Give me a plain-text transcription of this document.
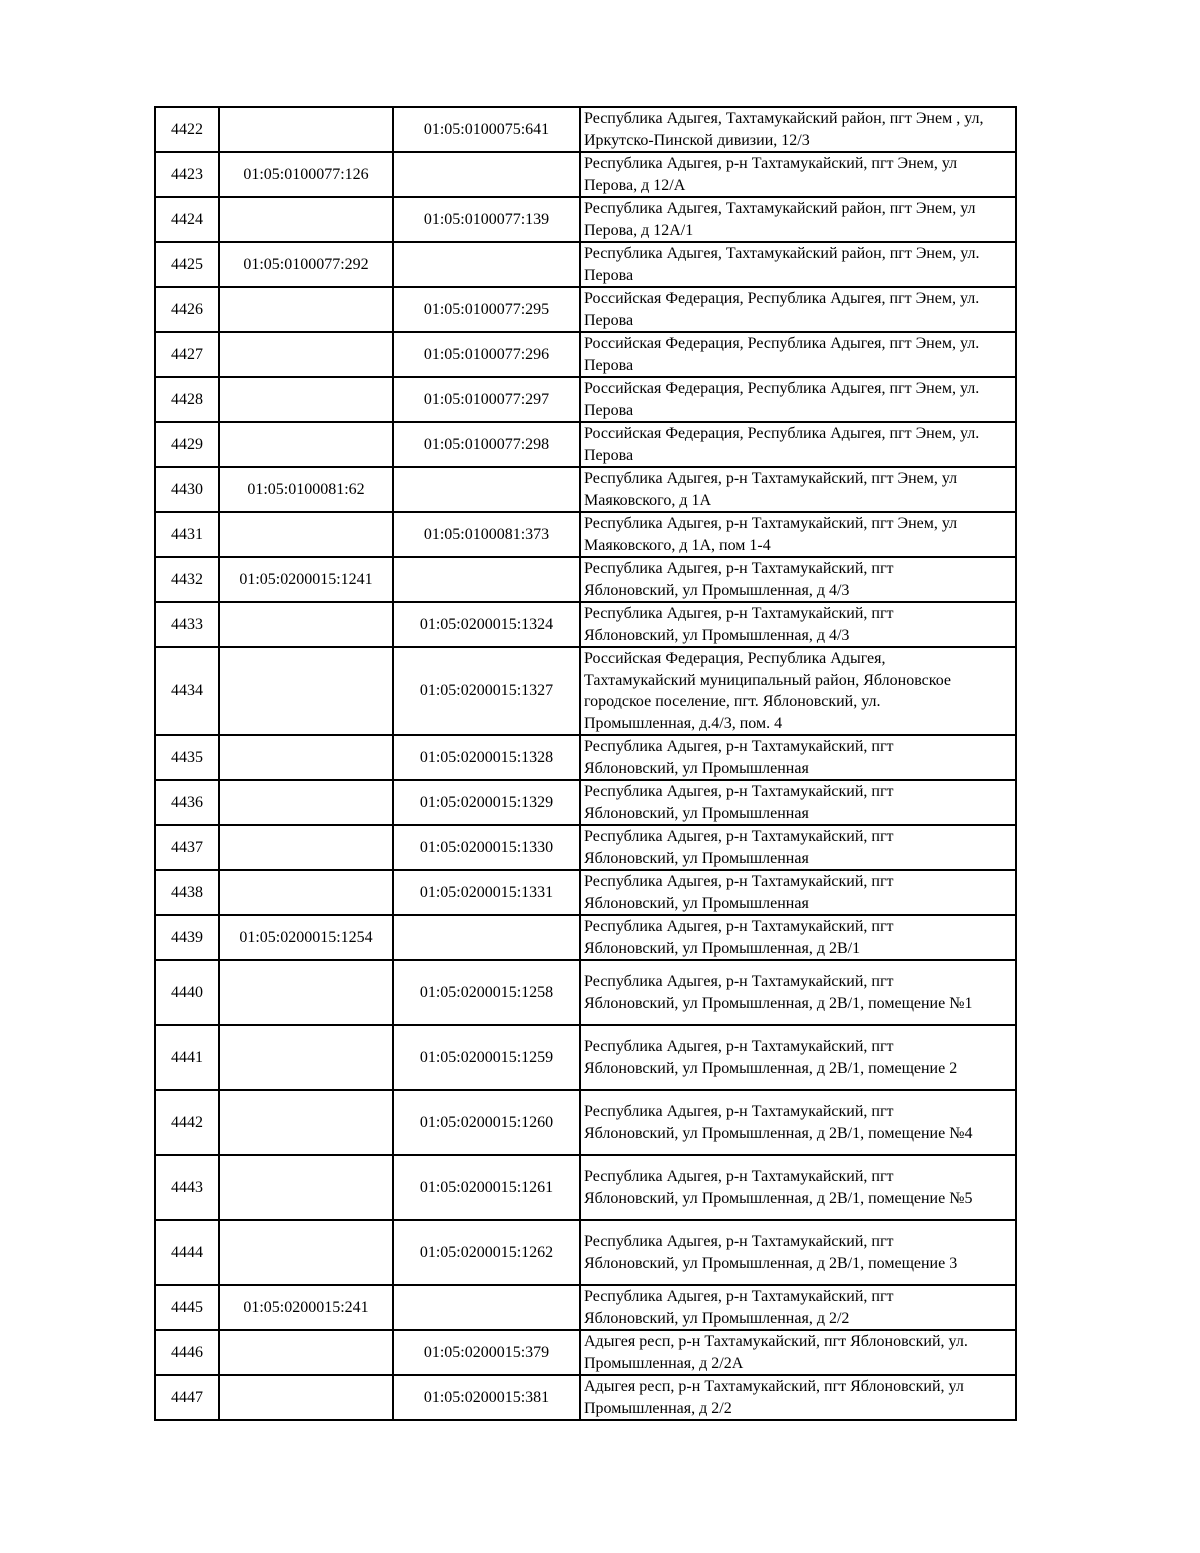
4422		01:05:0100075:641	Республика Адыгея, Тахтамукайский район, пгт Энем , ул,
Иркутско-Пинской дивизии, 12/3
4423	01:05:0100077:126		Республика Адыгея, р-н Тахтамукайский, пгт Энем, ул
Перова, д 12/А
4424		01:05:0100077:139	Республика Адыгея, Тахтамукайский район, пгт Энем, ул
Перова, д 12А/1
4425	01:05:0100077:292		Республика Адыгея, Тахтамукайский район, пгт Энем, ул.
Перова
4426		01:05:0100077:295	Российская Федерация, Республика Адыгея, пгт Энем, ул.
Перова
4427		01:05:0100077:296	Российская Федерация, Республика Адыгея, пгт Энем, ул.
Перова
4428		01:05:0100077:297	Российская Федерация, Республика Адыгея, пгт Энем, ул.
Перова
4429		01:05:0100077:298	Российская Федерация, Республика Адыгея, пгт Энем, ул.
Перова
4430	01:05:0100081:62		Республика Адыгея, р-н Тахтамукайский, пгт Энем, ул
Маяковского, д 1А
4431		01:05:0100081:373	Республика Адыгея, р-н Тахтамукайский, пгт Энем, ул
Маяковского, д 1А, пом 1-4
4432	01:05:0200015:1241		Республика Адыгея, р-н Тахтамукайский, пгт
Яблоновский, ул Промышленная, д 4/3
4433		01:05:0200015:1324	Республика Адыгея, р-н Тахтамукайский, пгт
Яблоновский, ул Промышленная, д 4/3
4434		01:05:0200015:1327	Российская Федерация, Республика Адыгея,
Тахтамукайский муниципальный район, Яблоновское
городское поселение, пгт. Яблоновский, ул.
Промышленная, д.4/3, пом. 4
4435		01:05:0200015:1328	Республика Адыгея, р-н Тахтамукайский, пгт
Яблоновский, ул Промышленная
4436		01:05:0200015:1329	Республика Адыгея, р-н Тахтамукайский, пгт
Яблоновский, ул Промышленная
4437		01:05:0200015:1330	Республика Адыгея, р-н Тахтамукайский, пгт
Яблоновский, ул Промышленная
4438		01:05:0200015:1331	Республика Адыгея, р-н Тахтамукайский, пгт
Яблоновский, ул Промышленная
4439	01:05:0200015:1254		Республика Адыгея, р-н Тахтамукайский, пгт
Яблоновский, ул Промышленная, д 2В/1
4440		01:05:0200015:1258	Республика Адыгея, р-н Тахтамукайский, пгт
Яблоновский, ул Промышленная, д 2В/1, помещение №1
4441		01:05:0200015:1259	Республика Адыгея, р-н Тахтамукайский, пгт
Яблоновский, ул Промышленная, д 2В/1, помещение 2
4442		01:05:0200015:1260	Республика Адыгея, р-н Тахтамукайский, пгт
Яблоновский, ул Промышленная, д 2В/1, помещение №4
4443		01:05:0200015:1261	Республика Адыгея, р-н Тахтамукайский, пгт
Яблоновский, ул Промышленная, д 2В/1, помещение №5
4444		01:05:0200015:1262	Республика Адыгея, р-н Тахтамукайский, пгт
Яблоновский, ул Промышленная, д 2В/1, помещение 3
4445	01:05:0200015:241		Республика Адыгея, р-н Тахтамукайский, пгт
Яблоновский, ул Промышленная, д 2/2
4446		01:05:0200015:379	Адыгея респ, р-н Тахтамукайский, пгт Яблоновский, ул.
Промышленная, д 2/2А
4447		01:05:0200015:381	Адыгея респ, р-н Тахтамукайский, пгт Яблоновский, ул
Промышленная, д 2/2
